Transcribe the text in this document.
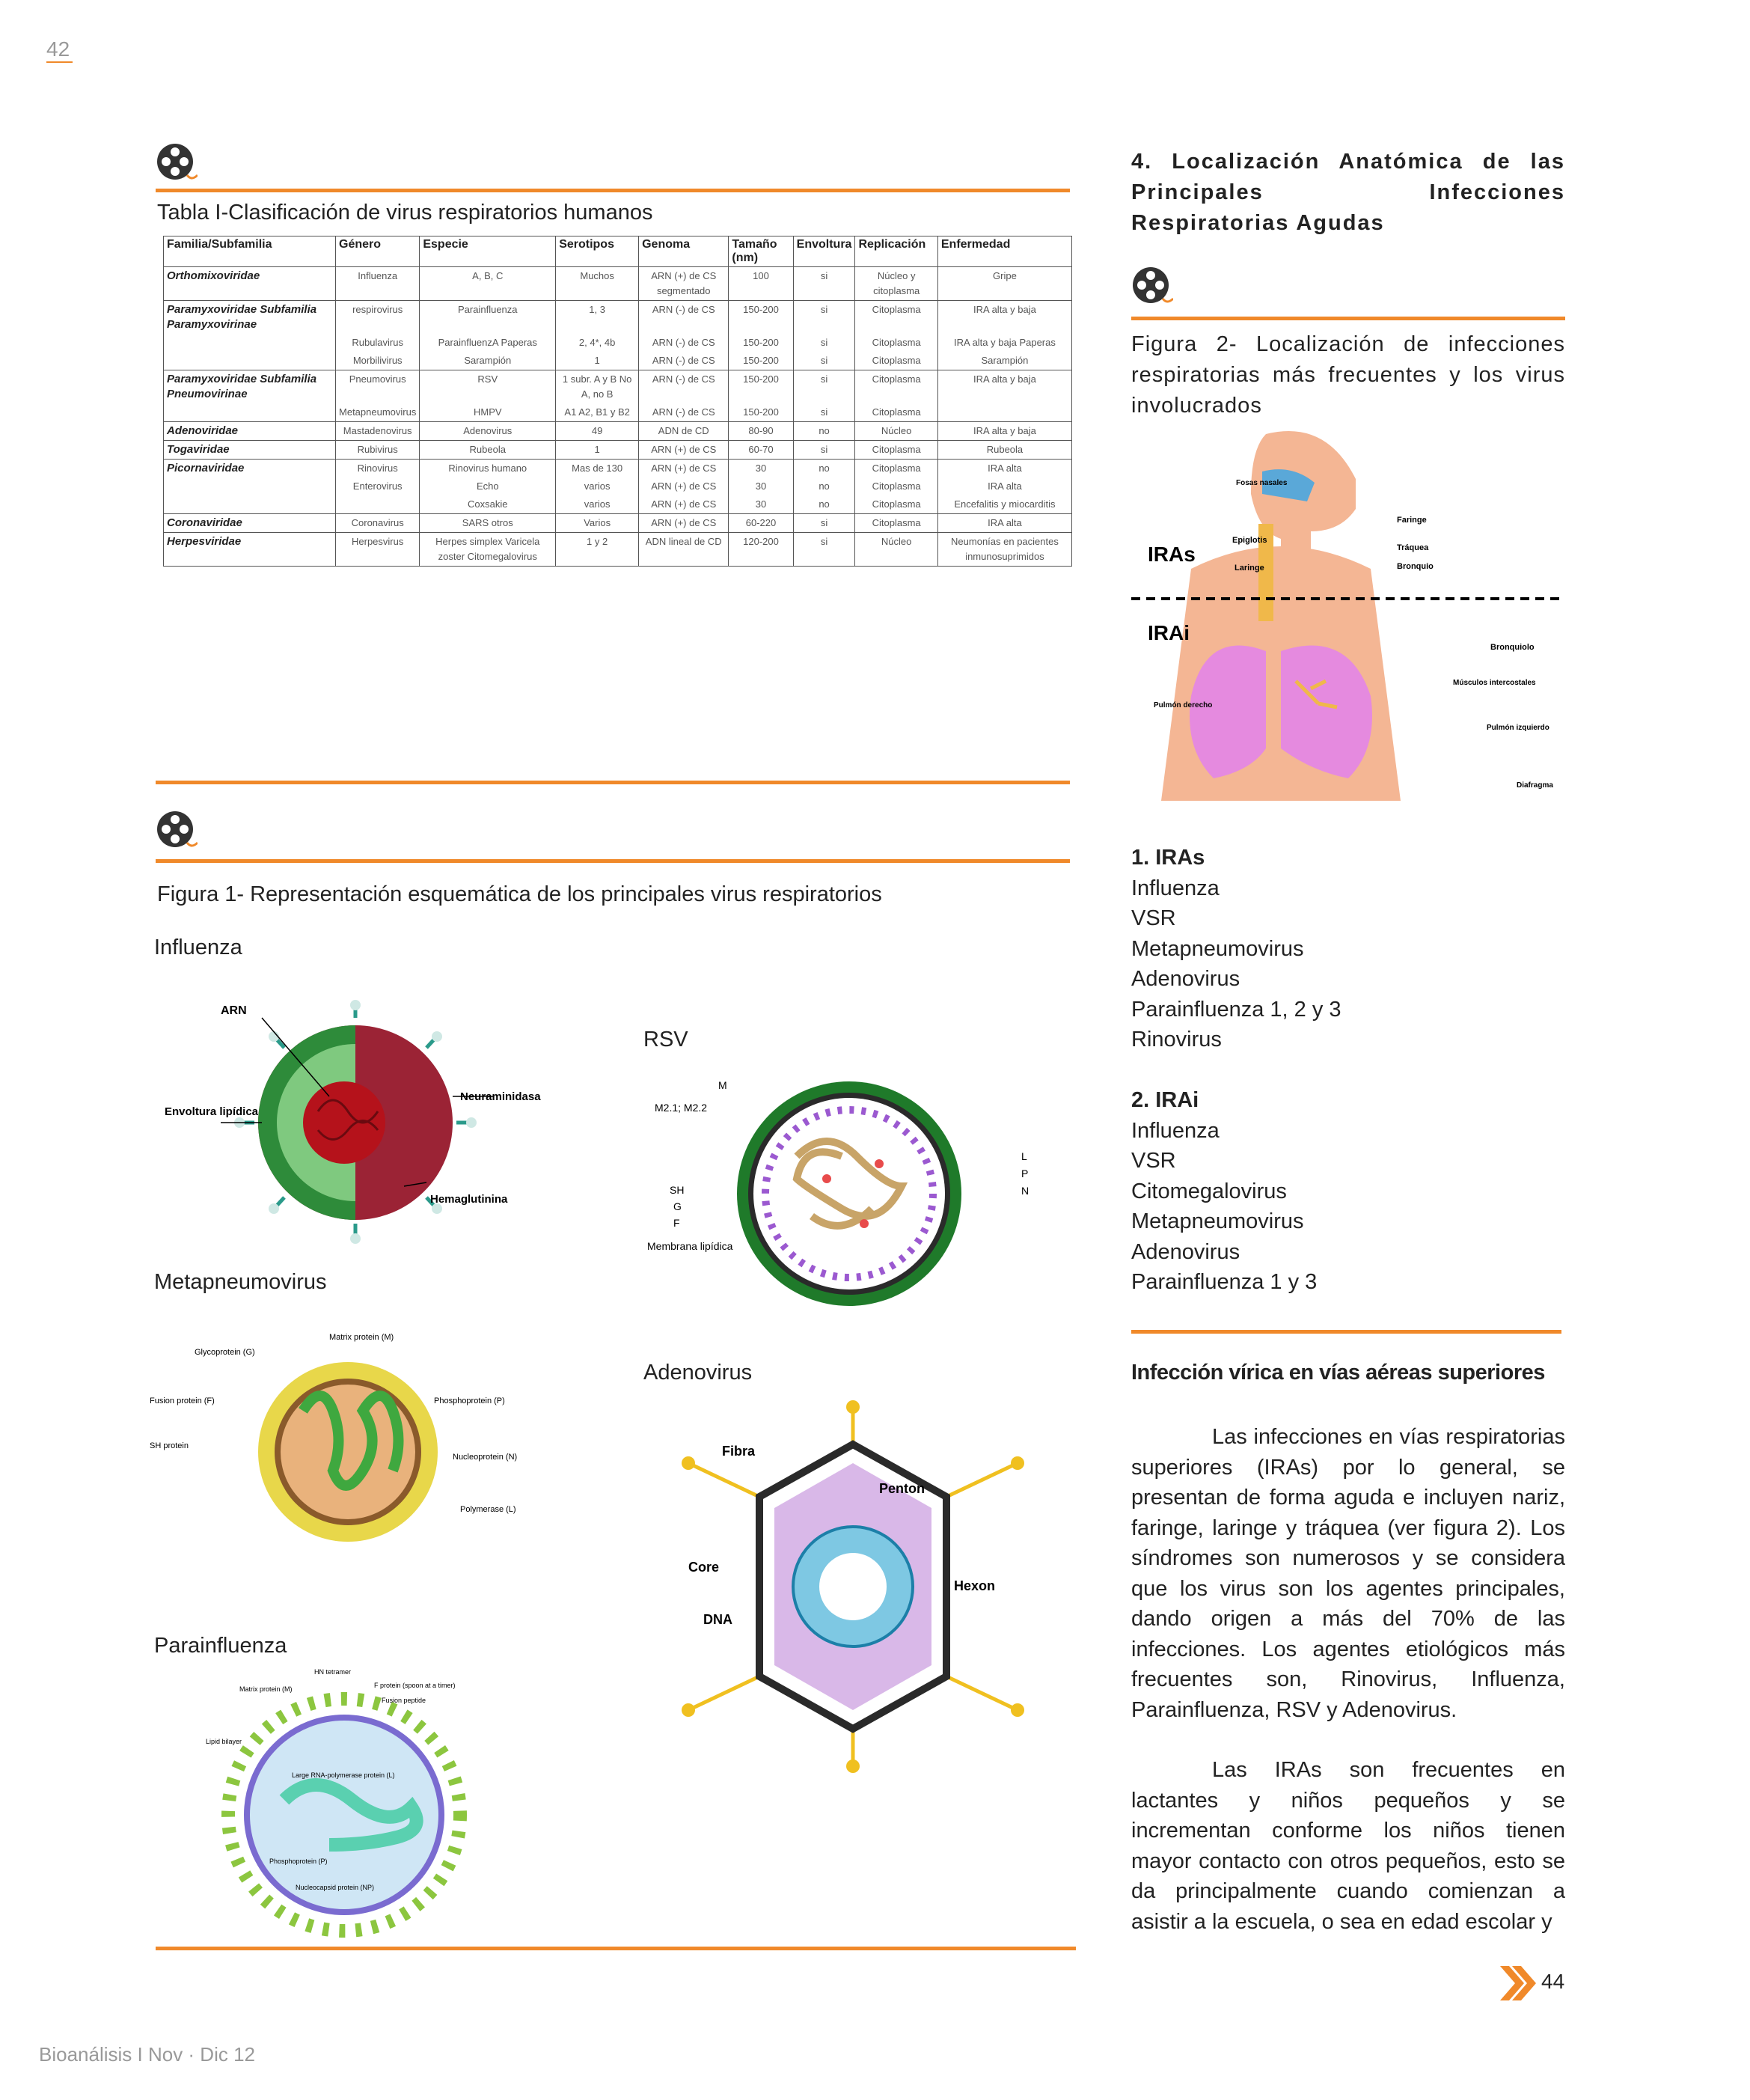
42
Tabla I-Clasificación de virus respiratorios humanos
Familia/Subfamilia	Género	Especie	Serotipos	Genoma	Tamaño (nm)	Envoltura	Replicación	Enfermedad
Orthomixoviridae	Influenza	A, B, C	Muchos	ARN (+) de CS segmentado	100	si	Núcleo y citoplasma	Gripe
Paramyxoviridae Subfamilia Paramyxovirinae	respirovirus	Parainfluenza	1, 3	ARN (-) de CS	150-200	si	Citoplasma	IRA alta y baja
	Rubulavirus	ParainfluenzA Paperas	2, 4*, 4b	ARN (-) de CS	150-200	si	Citoplasma	IRA alta y baja Paperas
	Morbilivirus	Sarampión	1	ARN (-) de CS	150-200	si	Citoplasma	Sarampión
Paramyxoviridae Subfamilia Pneumovirinae	Pneumovirus	RSV	1 subr. A y B No A, no B	ARN (-) de CS	150-200	si	Citoplasma	IRA alta y baja
	Metapneumovirus	HMPV	A1 A2, B1 y B2	ARN (-) de CS	150-200	si	Citoplasma	
Adenoviridae	Mastadenovirus	Adenovirus	49	ADN de CD	80-90	no	Núcleo	IRA alta y baja
Togaviridae	Rubivirus	Rubeola	1	ARN (+) de CS	60-70	si	Citoplasma	Rubeola
Picornaviridae	Rinovirus	Rinovirus humano	Mas de 130	ARN (+) de CS	30	no	Citoplasma	IRA alta
	Enterovirus	Echo	varios	ARN (+) de CS	30	no	Citoplasma	IRA alta
		Coxsakie	varios	ARN (+) de CS	30	no	Citoplasma	Encefalitis y miocarditis
Coronaviridae	Coronavirus	SARS otros	Varios	ARN (+) de CS	60-220	si	Citoplasma	IRA alta
Herpesviridae	Herpesvirus	Herpes simplex Varicela zoster Citomegalovirus	1 y 2	ADN lineal de CD	120-200	si	Núcleo	Neumonías en pacientes inmunosuprimidos
Figura 1- Representación esquemática de los principales virus respiratorios
Influenza
ARN
Envoltura lipídica
Neuraminidasa
Hemaglutinina
RSV
M
M2.1; M2.2
L
P
N
SH
G
F
Membrana lipídica
Metapneumovirus
Matrix protein (M)
Glycoprotein (G)
Fusion protein (F)	Phosphoprotein (P)
SH protein
Nucleoprotein (N)
Polymerase (L)
Adenovirus
Fibra
Penton
Core
DNA
Hexon
Parainfluenza
HN tetramer
F protein (spoon at a timer)
Fusion peptide
Matrix protein (M)
Lipid bilayer
Large RNA-polymerase protein (L)
Phosphoprotein (P)
Nucleocapsid protein (NP)
4. Localización Anatómica de las Principales Infecciones Respiratorias Agudas
Figura 2- Localización de infecciones respiratorias más frecuentes y los virus involucrados
IRAs
IRAi
Fosas nasales
Faringe
Epiglotis
Tráquea
Laringe	Bronquio
Bronquiolo
Músculos intercostales
Pulmón derecho
Pulmón izquierdo
Diafragma
1. IRAs
Influenza
VSR
Metapneumovirus
Adenovirus
Parainfluenza 1, 2 y 3
Rinovirus
2. IRAi
Influenza
VSR
Citomegalovirus
Metapneumovirus
Adenovirus
Parainfluenza 1 y 3
Infección vírica en vías aéreas superiores
Las infecciones en vías respiratorias superiores (IRAs) por lo general, se presentan de forma aguda e incluyen nariz, faringe, laringe y tráquea (ver figura 2). Los síndromes son numerosos y se considera que los virus son los agentes principales, dando origen a más del 70% de las infecciones. Los agentes etiológicos más frecuentes son, Rinovirus, Influenza, Parainfluenza, RSV y Adenovirus.
Las IRAs son frecuentes en lactantes y niños pequeños y se incrementan conforme los niños tienen mayor contacto con otros pequeños, esto se da principalmente cuando comienzan a asistir a la escuela, o sea en edad escolar y
44
Bioanálisis I Nov · Dic 12
